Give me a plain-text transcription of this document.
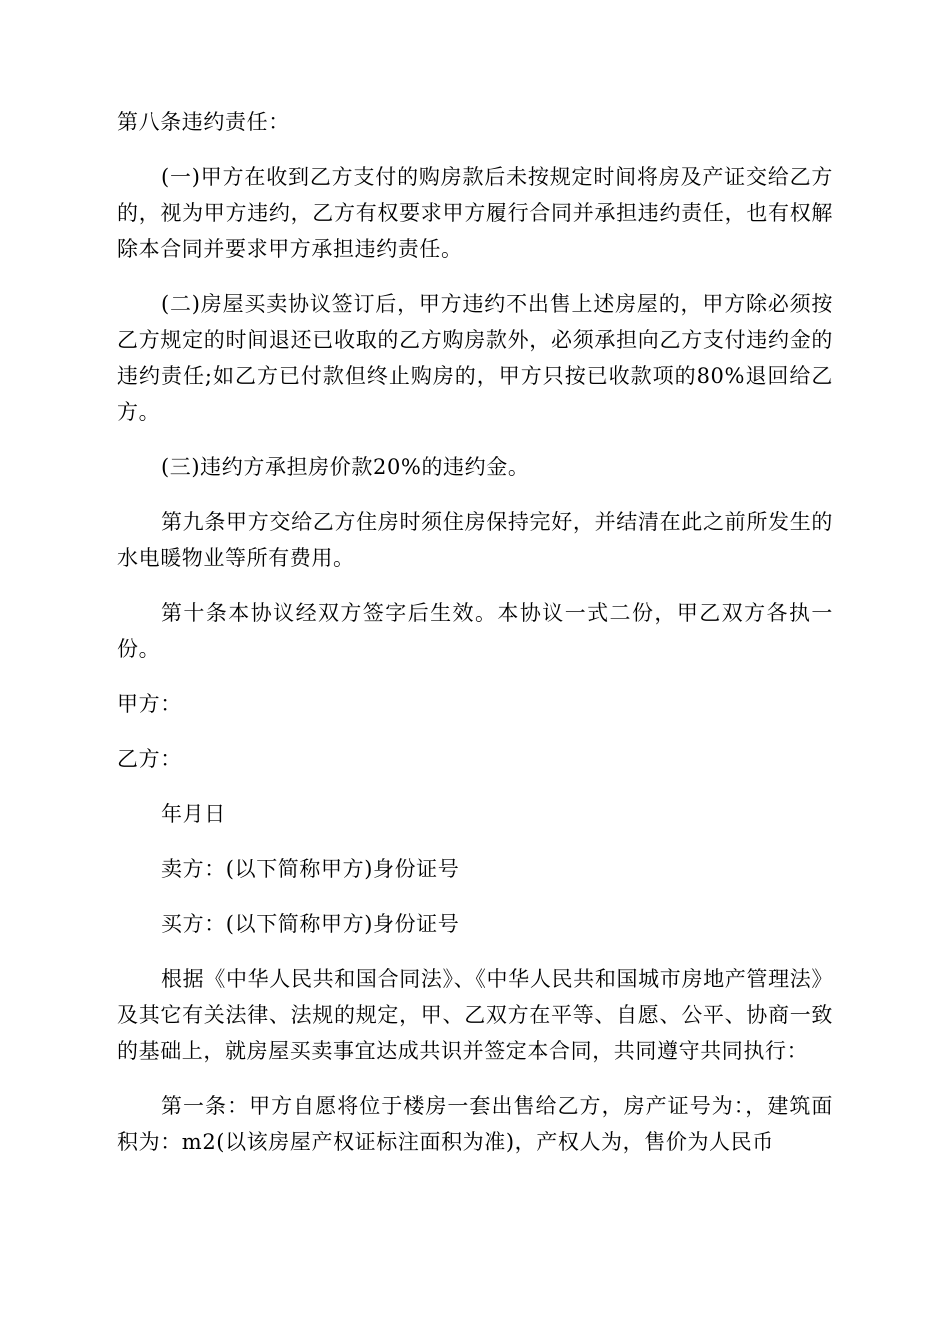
第八条违约责任：

(一)甲方在收到乙方支付的购房款后未按规定时间将房及产证交给乙方的，视为甲方违约，乙方有权要求甲方履行合同并承担违约责任，也有权解除本合同并要求甲方承担违约责任。

(二)房屋买卖协议签订后，甲方违约不出售上述房屋的，甲方除必须按乙方规定的时间退还已收取的乙方购房款外，必须承担向乙方支付违约金的违约责任;如乙方已付款但终止购房的，甲方只按已收款项的80%退回给乙方。

(三)违约方承担房价款20%的违约金。

第九条甲方交给乙方住房时须住房保持完好，并结清在此之前所发生的水电暖物业等所有费用。

第十条本协议经双方签字后生效。本协议一式二份，甲乙双方各执一份。

甲方：

乙方：

年月日

卖方：(以下简称甲方)身份证号

买方：(以下简称甲方)身份证号

根据《中华人民共和国合同法》、《中华人民共和国城市房地产管理法》及其它有关法律、法规的规定，甲、乙双方在平等、自愿、公平、协商一致的基础上，就房屋买卖事宜达成共识并签定本合同，共同遵守共同执行：

第一条：甲方自愿将位于楼房一套出售给乙方，房产证号为：，建筑面积为：m2(以该房屋产权证标注面积为准)，产权人为，售价为人民币
